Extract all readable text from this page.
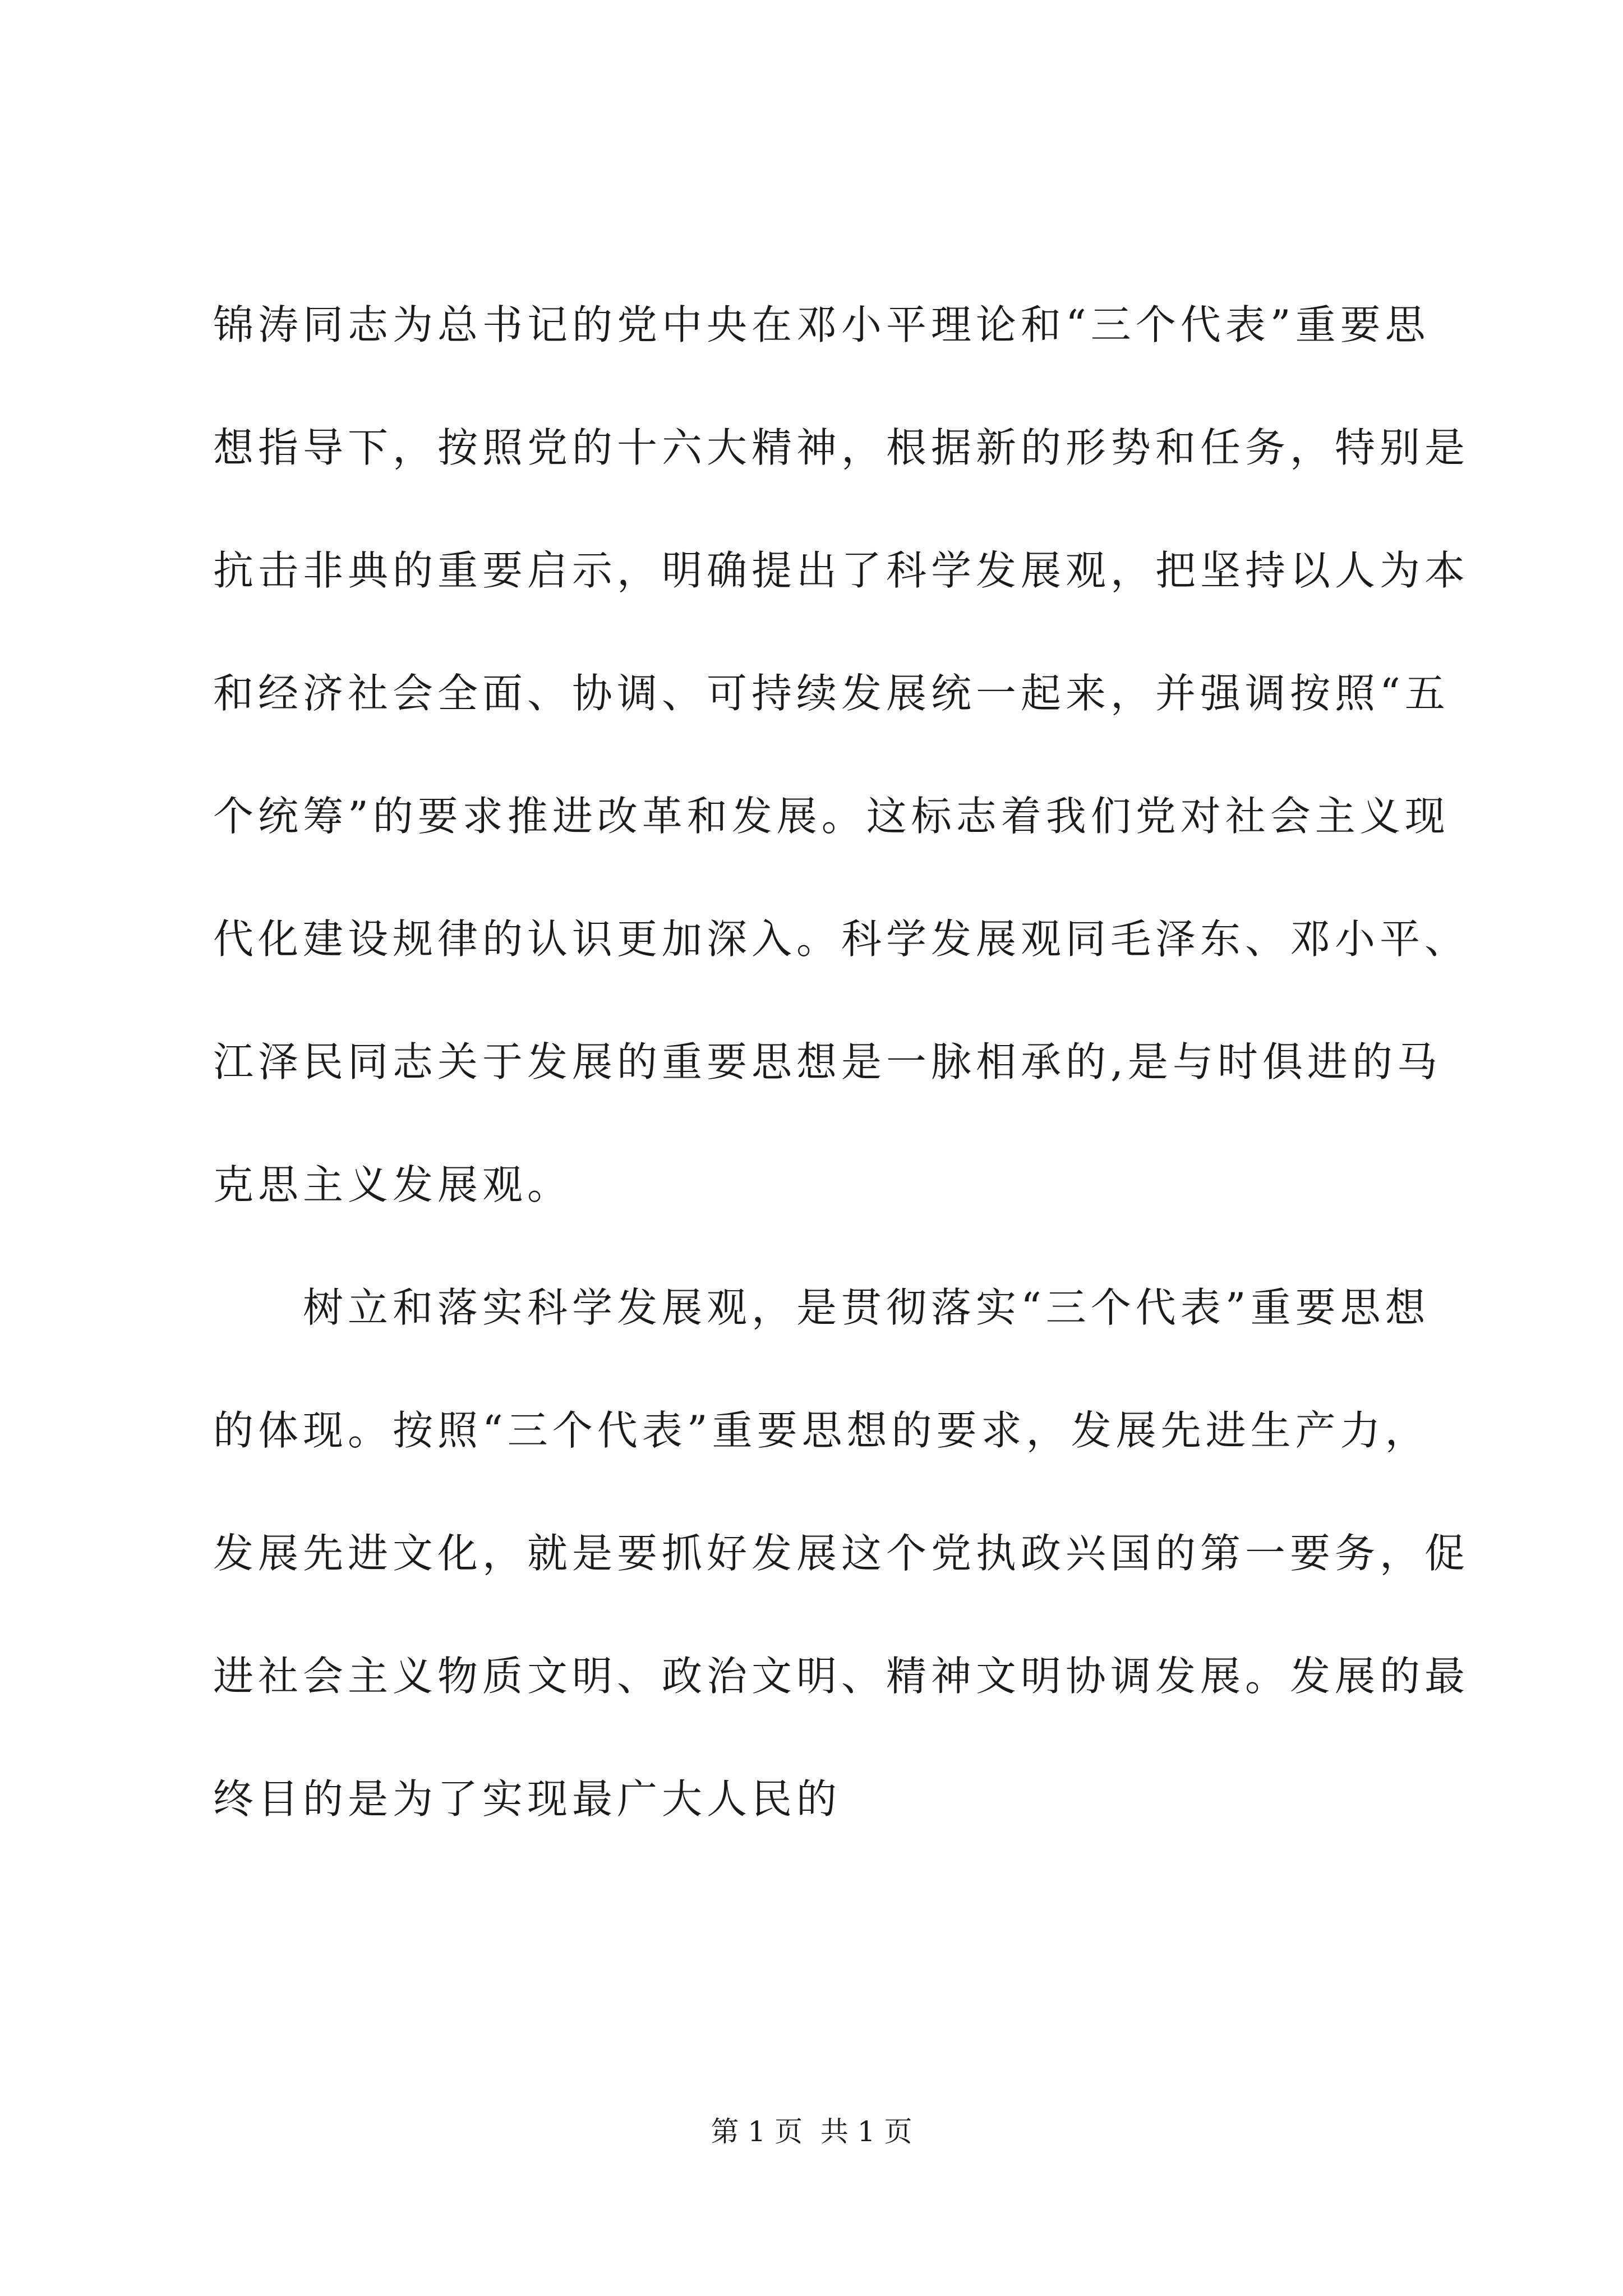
锦涛同志为总书记的党中央在邓小平理论和“三个代表”重要思
想指导下，按照党的十六大精神，根据新的形势和任务，特别是
抗击非典的重要启示，明确提出了科学发展观，把坚持以人为本
和经济社会全面、协调、可持续发展统一起来，并强调按照“五
个统筹”的要求推进改革和发展。这标志着我们党对社会主义现
代化建设规律的认识更加深入。科学发展观同毛泽东、邓小平、
江泽民同志关于发展的重要思想是一脉相承的,是与时俱进的马
克思主义发展观。
　　树立和落实科学发展观，是贯彻落实“三个代表”重要思想
的体现。按照“三个代表”重要思想的要求，发展先进生产力，
发展先进文化，就是要抓好发展这个党执政兴国的第一要务，促
进社会主义物质文明、政治文明、精神文明协调发展。发展的最
终目的是为了实现最广大人民的
第 1 页  共 1 页
